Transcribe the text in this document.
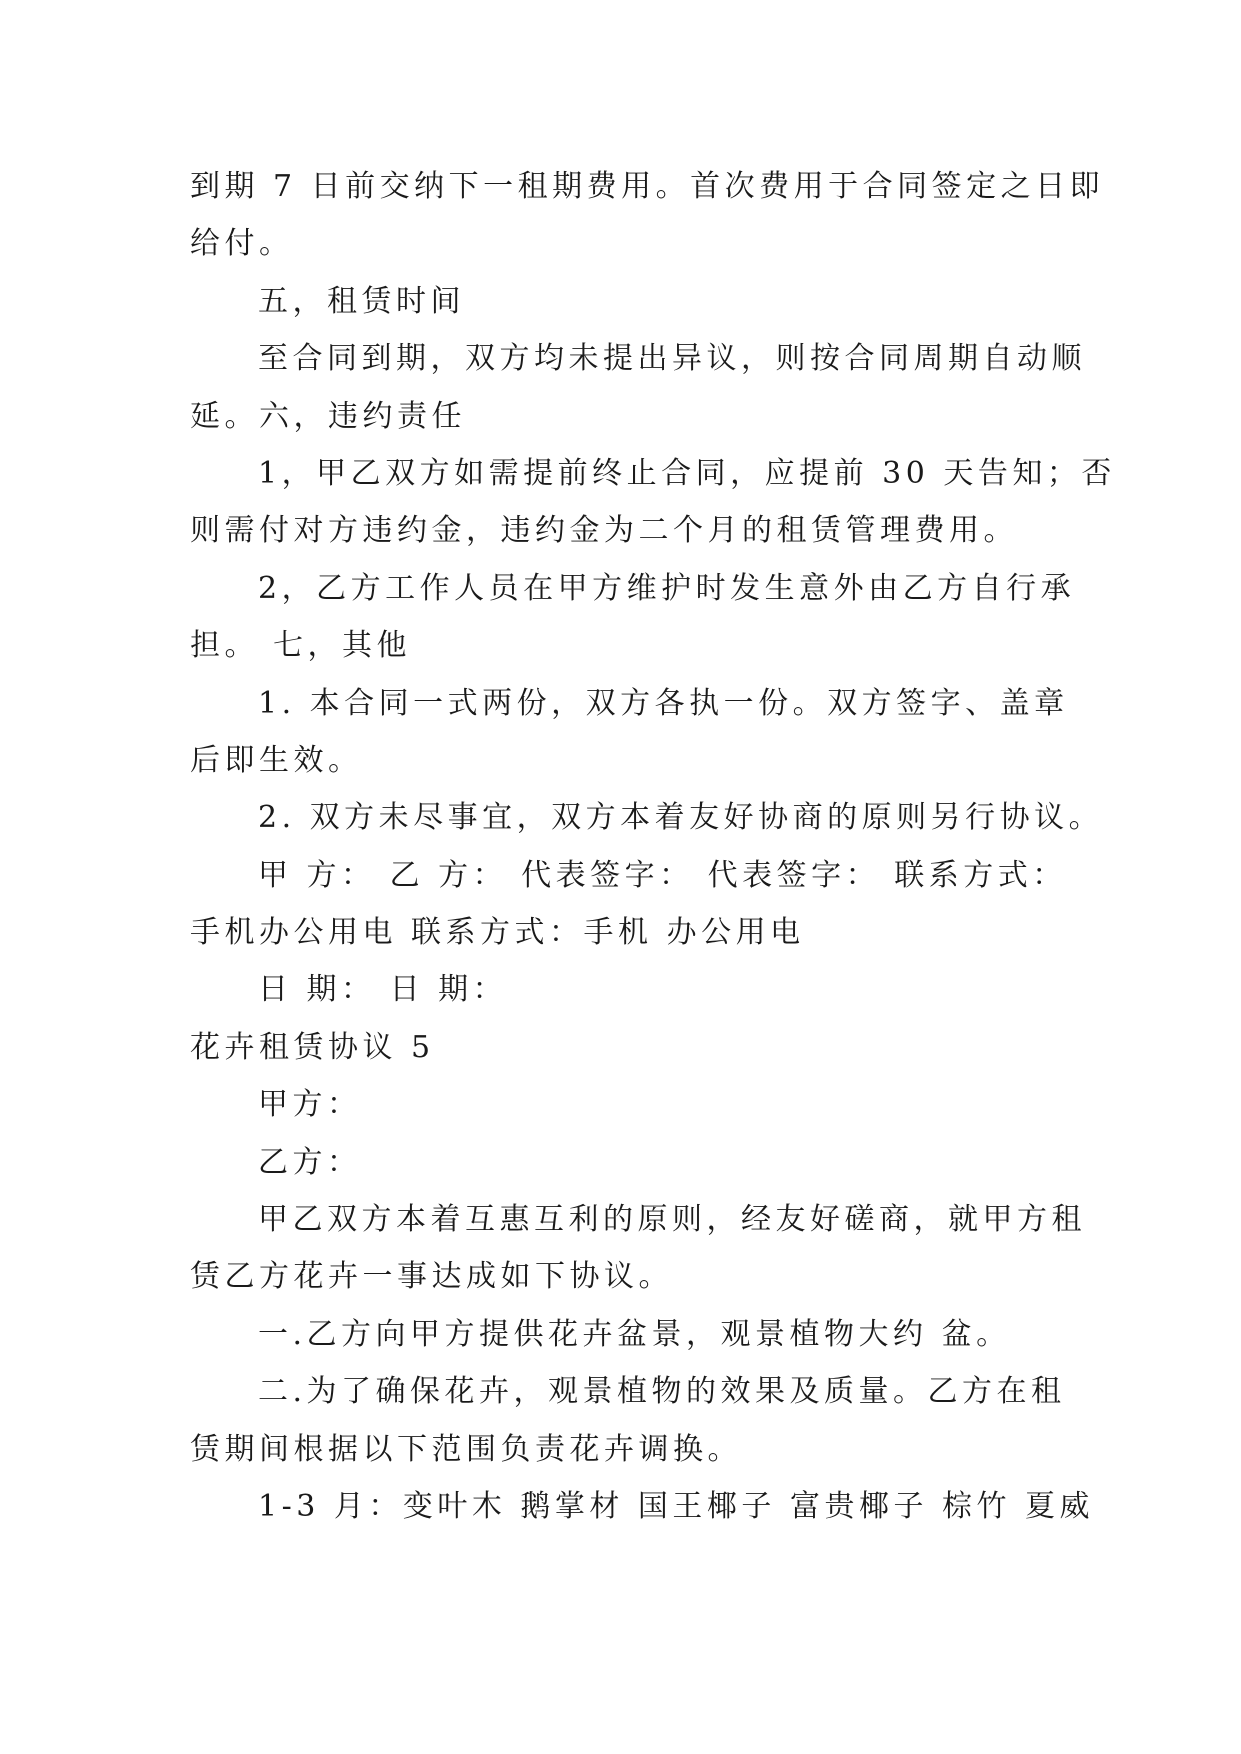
到期 7 日前交纳下一租期费用。首次费用于合同签定之日即
给付。
五，租赁时间
至合同到期，双方均未提出异议，则按合同周期自动顺
延。六，违约责任
1，甲乙双方如需提前终止合同，应提前 30 天告知；否
则需付对方违约金，违约金为二个月的租赁管理费用。
2，乙方工作人员在甲方维护时发生意外由乙方自行承
担。 七，其他
1. 本合同一式两份，双方各执一份。双方签字、盖章
后即生效。
2. 双方未尽事宜，双方本着友好协商的原则另行协议。
甲 方： 乙 方： 代表签字： 代表签字： 联系方式：
手机办公用电 联系方式：手机 办公用电
日 期： 日 期：
花卉租赁协议 5
甲方：
乙方：
甲乙双方本着互惠互利的原则，经友好磋商，就甲方租
赁乙方花卉一事达成如下协议。
一.乙方向甲方提供花卉盆景，观景植物大约 盆。
二.为了确保花卉，观景植物的效果及质量。乙方在租
赁期间根据以下范围负责花卉调换。
1-3 月：变叶木 鹅掌材 国王椰子 富贵椰子 棕竹 夏威
